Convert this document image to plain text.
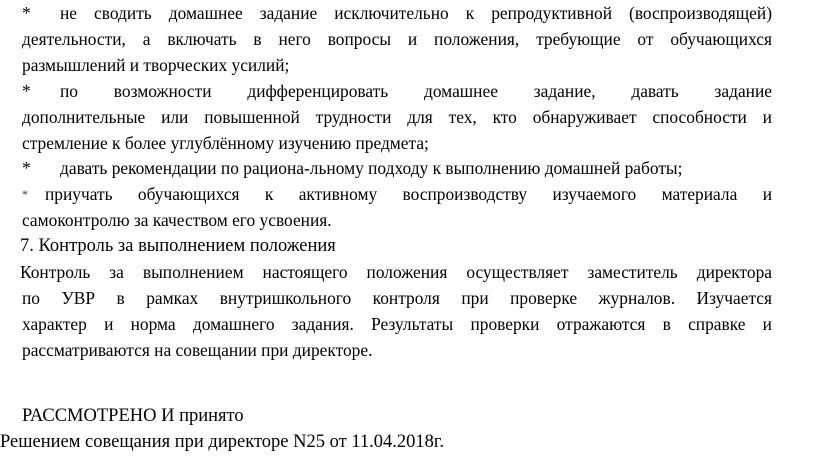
*	не сводить домашнее задание исключительно к репродуктивной (воспроизводящей)
деятельности, а включать в него вопросы и положения, требующие от обучающихся
размышлений и творческих усилий;
*	по возможности дифференцировать домашнее задание, давать задание
дополнительные или повышенной трудности для тех, кто обнаруживает способности и
стремление к более углублённому изучению предмета;
*	давать рекомендации по рациона-льному подходу к выполнению домашней работы;
* приучать обучающихся к активному воспроизводству изучаемого материала и
самоконтролю за качеством его усвоения.
7. Контроль за выполнением положения
Контроль за выполнением настоящего положения осуществляет заместитель директора
по УВР в рамках внутришкольного контроля при проверке журналов. Изучается
характер и норма домашнего задания. Результаты проверки отражаются в справке и
рассматриваются на совещании при директоре.
РАССМОТРЕНО И принято
Решением совещания при директоре N25 от 11.04.2018г.
